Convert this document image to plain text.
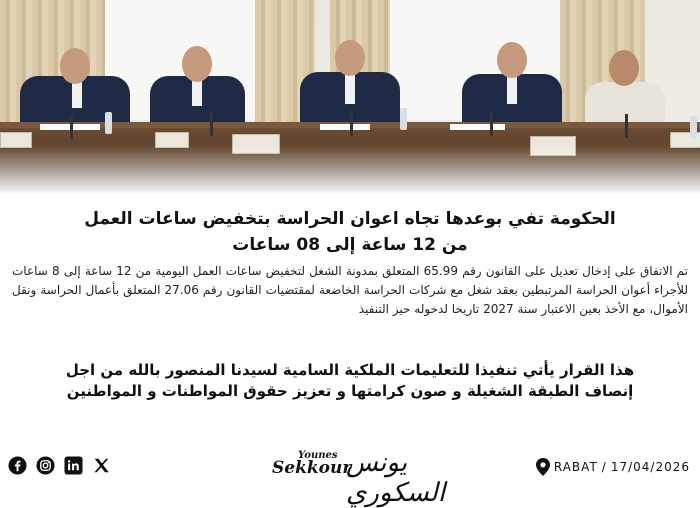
الحكومة تفي بوعدها تجاه اعوان الحراسة بتخفيض ساعات العمل
من 12 ساعة إلى 08 ساعات
تم الاتفاق على إدخال تعديل على القانون رقم 65.99 المتعلق بمدونة الشغل لتخفيض ساعات العمل اليومية من 12 ساعة إلى 8 ساعات للأجراء أعوان الحراسة المرتبطين بعقد شغل مع شركات الحراسة الخاضعة لمقتضيات القانون رقم 27.06 المتعلق بأعمال الحراسة ونقل الأموال، مع الأخذ بعين الاعتبار سنة 2027 تاريخا لدخوله حيز التنفيذ
هذا القرار يأتي تنفيذا للتعليمات الملكية السامية لسيدنا المنصور بالله من اجل
إنصاف الطبقة الشغيلة و صون كرامتها و تعزيز حقوق المواطنات و المواطنين
Younes
Sekkour
يونس السكوري
RABAT / 17/04/2026
